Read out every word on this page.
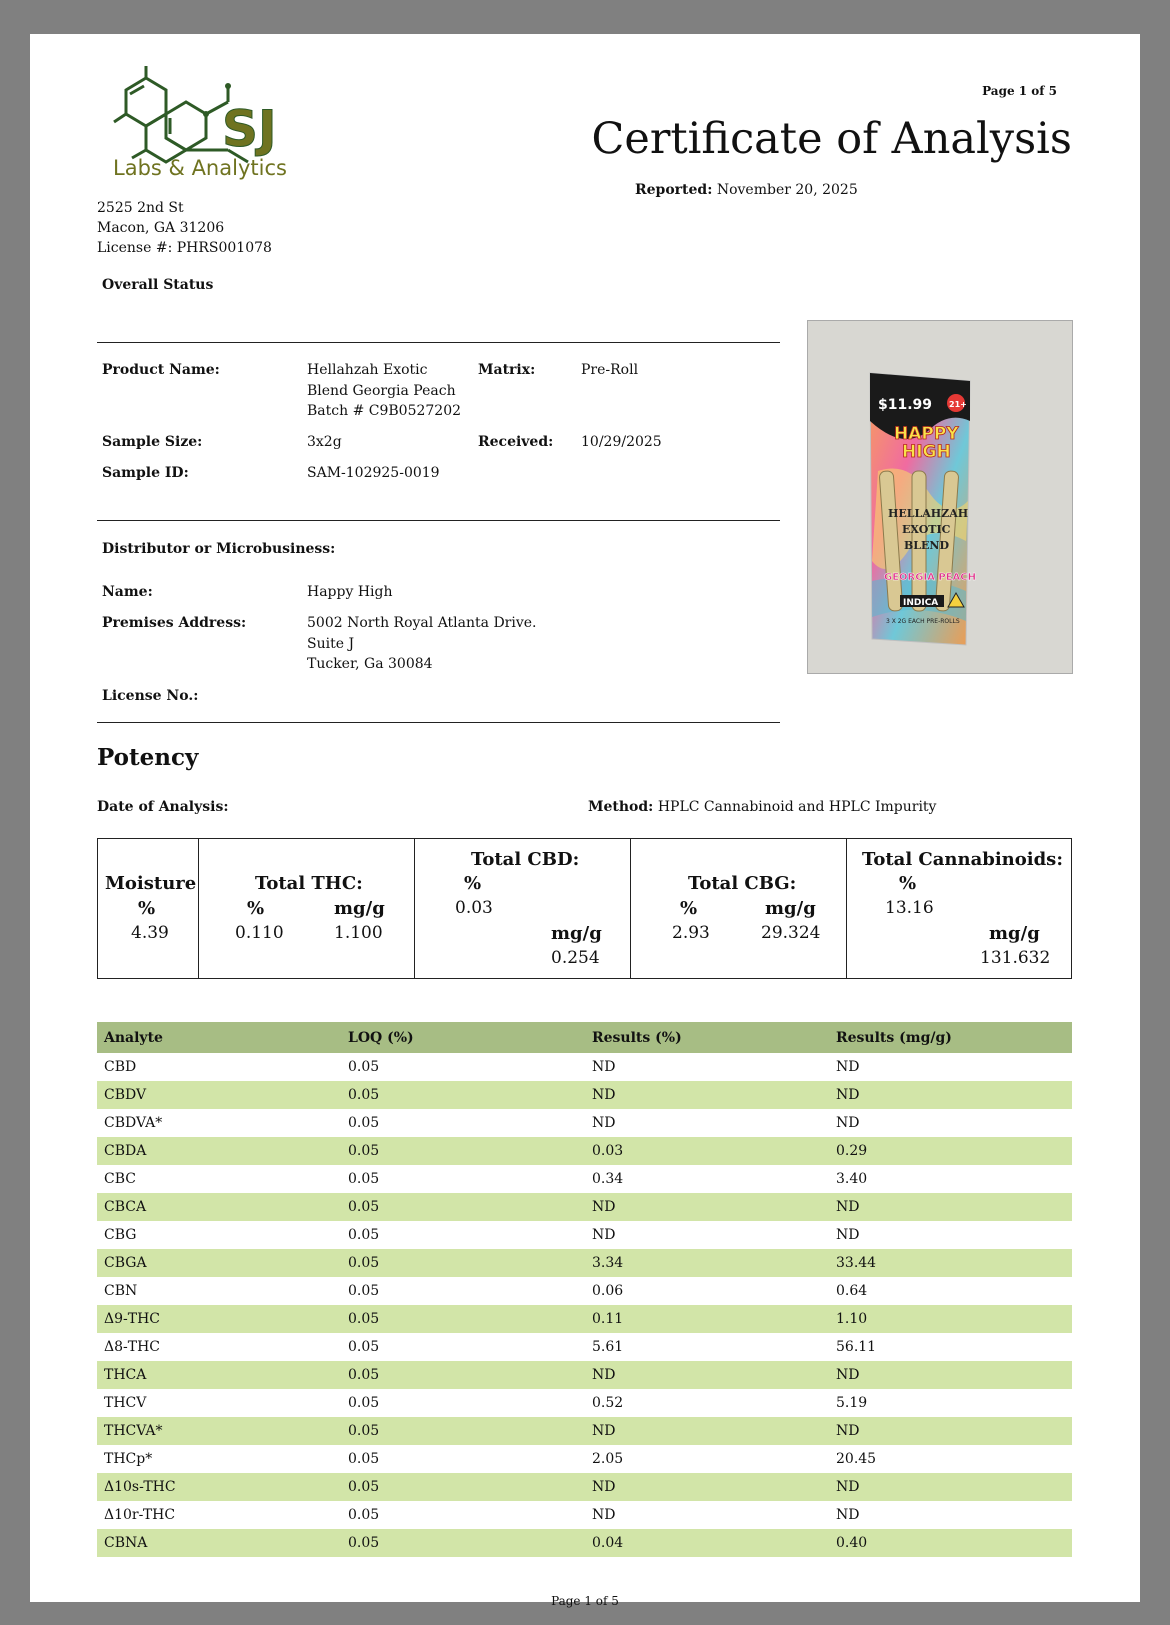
SJ
Labs & Analytics
2525 2nd St
Macon, GA 31206
License #: PHRS001078
Page 1 of 5
Certificate of Analysis
Reported: November 20, 2025
Overall Status
Product Name:	Hellahzah Exotic
Blend Georgia Peach
Batch # C9B0527202
Matrix:	Pre-Roll
Sample Size:	3x2g	Received: 10/29/2025
Sample ID:	SAM-102925-0019
Distributor or Microbusiness:
Name:	Happy High
Premises Address:	5002 North Royal Atlanta Drive.
Suite J
Tucker, Ga 30084
License No.:
$11.99 21+
HAPPY
HIGH
HELLAHZAH
EXOTIC
BLEND
GEORGIA PEACH
INDICA
3 X 2G EACH PRE-ROLLS
Potency
Date of Analysis:	Method: HPLC Cannabinoid and HPLC Impurity
Moisture
%
4.39
Total THC:
%	mg/g
0.110	1.100
Total CBD:
%
0.03
mg/g
0.254
Total CBG:
%	mg/g
2.93	29.324
Total Cannabinoids:
%
13.16
mg/g
131.632
Analyte	LOQ (%)	Results (%)	Results (mg/g)
CBD	0.05	ND	ND
CBDV	0.05	ND	ND
CBDVA*	0.05	ND	ND
CBDA	0.05	0.03	0.29
CBC	0.05	0.34	3.40
CBCA	0.05	ND	ND
CBG	0.05	ND	ND
CBGA	0.05	3.34	33.44
CBN	0.05	0.06	0.64
Δ9-THC	0.05	0.11	1.10
Δ8-THC	0.05	5.61	56.11
THCA	0.05	ND	ND
THCV	0.05	0.52	5.19
THCVA*	0.05	ND	ND
THCp*	0.05	2.05	20.45
Δ10s-THC	0.05	ND	ND
Δ10r-THC	0.05	ND	ND
CBNA	0.05	0.04	0.40
Page 1 of 5
